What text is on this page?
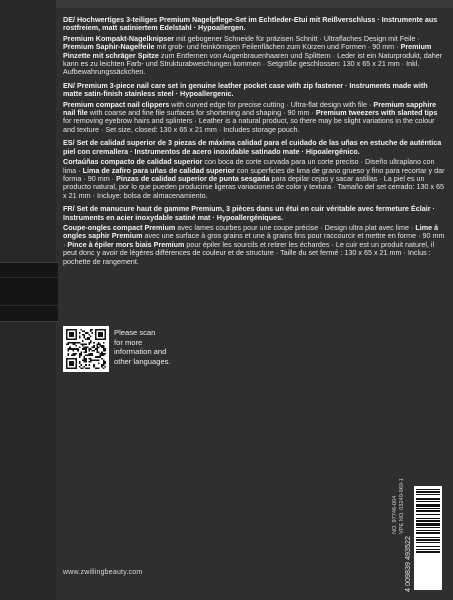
DE/ Hochwertiges 3-teiliges Premium Nagelpflege-Set im Echtleder-Etui mit Reißverschluss · Instrumente aus rostfreiem, matt satiniertem Edelstahl · Hypoallergen.

Premium Kompakt-Nagelknipser mit gebogener Schneide für präzisen Schnitt · Ultraflaches Design mit Feile · Premium Saphir-Nagelfeile mit grob- und feinkörnigen Feilenflächen zum Kürzen und Formen · 90 mm · Premium Pinzette mit schräger Spitze zum Entfernen von Augenbrauenhaaren und Splittern · Leder ist ein Naturprodukt, daher kann es zu leichten Farb- und Strukturabweichungen kommen · Setgröße geschlossen: 130 x 65 x 21 mm · Inkl. Aufbewahrungssäckchen.

EN/ Premium 3-piece nail care set in genuine leather pocket case with zip fastener · Instruments made with matte satin-finish stainless steel · Hypoallergenic.

Premium compact nail clippers with curved edge for precise cutting · Ultra-flat design with file · Premium sapphire nail file with coarse and fine file surfaces for shortening and shaping · 90 mm · Premium tweezers with slanted tips for removing eyebrow hairs and splinters · Leather is a natural product, so there may be slight variations in the colour and texture · Set size, closed: 130 x 65 x 21 mm · Includes storage pouch.

ES/ Set de calidad superior de 3 piezas de máxima calidad para el cuidado de las uñas en estuche de auténtica piel con cremallera · Instrumentos de acero inoxidable satinado mate · Hipoalergénico.

Cortaúñas compacto de calidad superior con boca de corte curvada para un corte preciso · Diseño ultraplano con lima · Lima de zafiro para uñas de calidad superior con superficies de lima de grano grueso y fino para recortar y dar forma · 90 mm · Pinzas de calidad superior de punta sesgada para depilar cejas y sacar astillas · La piel es un producto natural, por lo que pueden producirse ligeras variaciones de color y textura · Tamaño del set cerrado: 130 x 65 x 21 mm · Incluye: bolsa de almacenamiento.

FR/ Set de manucure haut de gamme Premium, 3 pièces dans un étui en cuir véritable avec fermeture Éclair · Instruments en acier inoxydable satiné mat · Hypoallergéniques.

Coupe-ongles compact Premium avec lames courbes pour une coupe précise · Design ultra plat avec lime · Lime à ongles saphir Premium avec une surface à gros grains et une à grains fins pour raccourcir et mettre en forme · 90 mm · Pince à épiler mors biais Premium pour épiler les sourcils et retirer les échardes · Le cuir est un produit naturel, il peut donc y avoir de légères différences de couleur et de structure · Taille du set fermé : 130 x 65 x 21 mm · Inclus : pochette de rangement.

Please scan
for more
information and
other languages.
NO. 97746-004 VPE NO. 03249-969-1
4 009839 493522
www.zwillingbeauty.com
